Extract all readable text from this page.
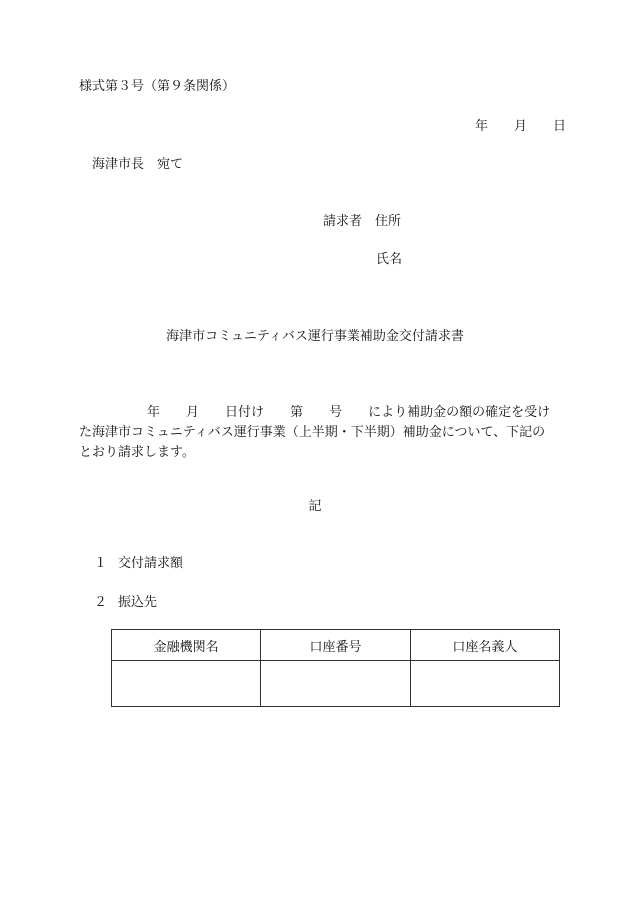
様式第３号（第９条関係）
年 月 日
海津市長　宛て
請求者　住所
氏名
海津市コミュニティバス運行事業補助金交付請求書
年 月 日付け 第 号 により補助金の額の確定を受け
た海津市コミュニティバス運行事業（上半期・下半期）補助金について、下記の
とおり請求します。
記
１ 交付請求額
２ 振込先
金融機関名	口座番号	口座名義人
